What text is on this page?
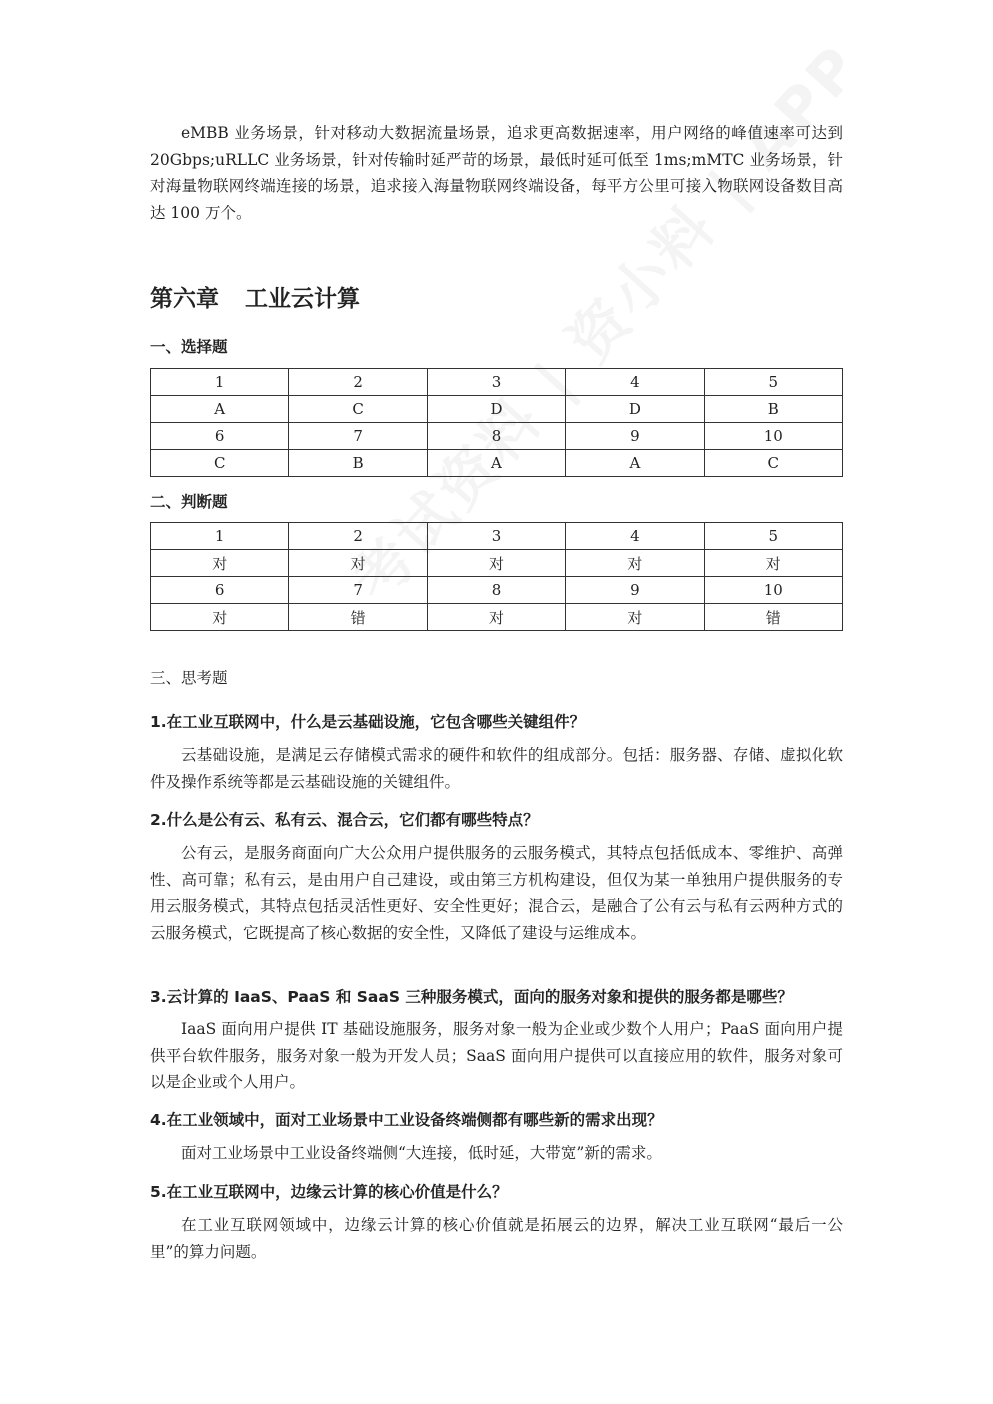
eMBB 业务场景，针对移动大数据流量场景，追求更高数据速率，用户网络的峰值速率可达到 20Gbps;uRLLC 业务场景，针对传输时延严苛的场景，最低时延可低至 1ms;mMTC 业务场景，针对海量物联网终端连接的场景，追求接入海量物联网终端设备，每平方公里可接入物联网设备数目高达 100 万个。

第六章 工业云计算
一、选择题
1	2	3	4	5
A	C	D	D	B
6	7	8	9	10
C	B	A	A	C
二、判断题
1	2	3	4	5
对	对	对	对	对
6	7	8	9	10
对	错	对	对	错
三、思考题

1.在工业互联网中，什么是云基础设施，它包含哪些关键组件？

云基础设施，是满足云存储模式需求的硬件和软件的组成部分。包括：服务器、存储、虚拟化软件及操作系统等都是云基础设施的关键组件。

2.什么是公有云、私有云、混合云，它们都有哪些特点？

公有云，是服务商面向广大公众用户提供服务的云服务模式，其特点包括低成本、零维护、高弹性、高可靠；私有云，是由用户自己建设，或由第三方机构建设，但仅为某一单独用户提供服务的专用云服务模式，其特点包括灵活性更好、安全性更好；混合云，是融合了公有云与私有云两种方式的云服务模式，它既提高了核心数据的安全性，又降低了建设与运维成本。

3.云计算的 IaaS、PaaS 和 SaaS 三种服务模式，面向的服务对象和提供的服务都是哪些？

IaaS 面向用户提供 IT 基础设施服务，服务对象一般为企业或少数个人用户；PaaS 面向用户提供平台软件服务，服务对象一般为开发人员；SaaS 面向用户提供可以直接应用的软件，服务对象可以是企业或个人用户。

4.在工业领域中，面对工业场景中工业设备终端侧都有哪些新的需求出现？

面对工业场景中工业设备终端侧“大连接，低时延，大带宽”新的需求。

5.在工业互联网中，边缘云计算的核心价值是什么？

在工业互联网领域中，边缘云计算的核心价值就是拓展云的边界，解决工业互联网“最后一公里”的算力问题。
